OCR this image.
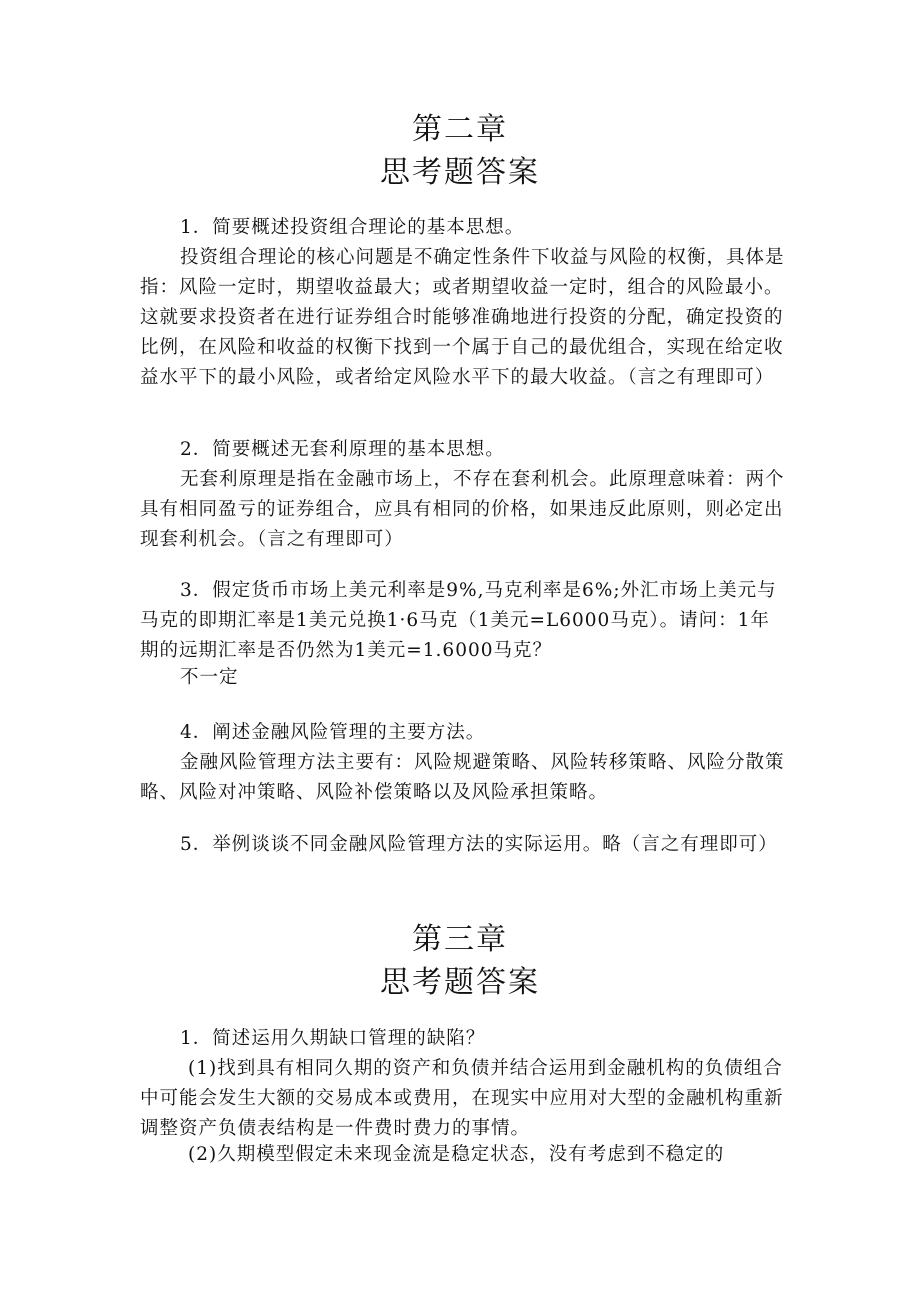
第二章
思考题答案
1．简要概述投资组合理论的基本思想。
投资组合理论的核心问题是不确定性条件下收益与风险的权衡，具体是指：风险一定时，期望收益最大；或者期望收益一定时，组合的风险最小。这就要求投资者在进行证券组合时能够准确地进行投资的分配，确定投资的比例，在风险和收益的权衡下找到一个属于自己的最优组合，实现在给定收益水平下的最小风险，或者给定风险水平下的最大收益。（言之有理即可）
2．简要概述无套利原理的基本思想。
无套利原理是指在金融市场上，不存在套利机会。此原理意味着：两个具有相同盈亏的证券组合，应具有相同的价格，如果违反此原则，则必定出现套利机会。（言之有理即可）
3．假定货币市场上美元利率是9%,马克利率是6%;外汇市场上美元与马克的即期汇率是1美元兑换1·6马克（1美元=L6000马克）。请问：1年期的远期汇率是否仍然为1美元=1.6000马克？
不一定
4．阐述金融风险管理的主要方法。
金融风险管理方法主要有：风险规避策略、风险转移策略、风险分散策略、风险对冲策略、风险补偿策略以及风险承担策略。
5．举例谈谈不同金融风险管理方法的实际运用。略（言之有理即可）
第三章
思考题答案
1．简述运用久期缺口管理的缺陷？
(1)找到具有相同久期的资产和负债并结合运用到金融机构的负债组合中可能会发生大额的交易成本或费用，在现实中应用对大型的金融机构重新调整资产负债表结构是一件费时费力的事情。
(2)久期模型假定未来现金流是稳定状态，没有考虑到不稳定的
